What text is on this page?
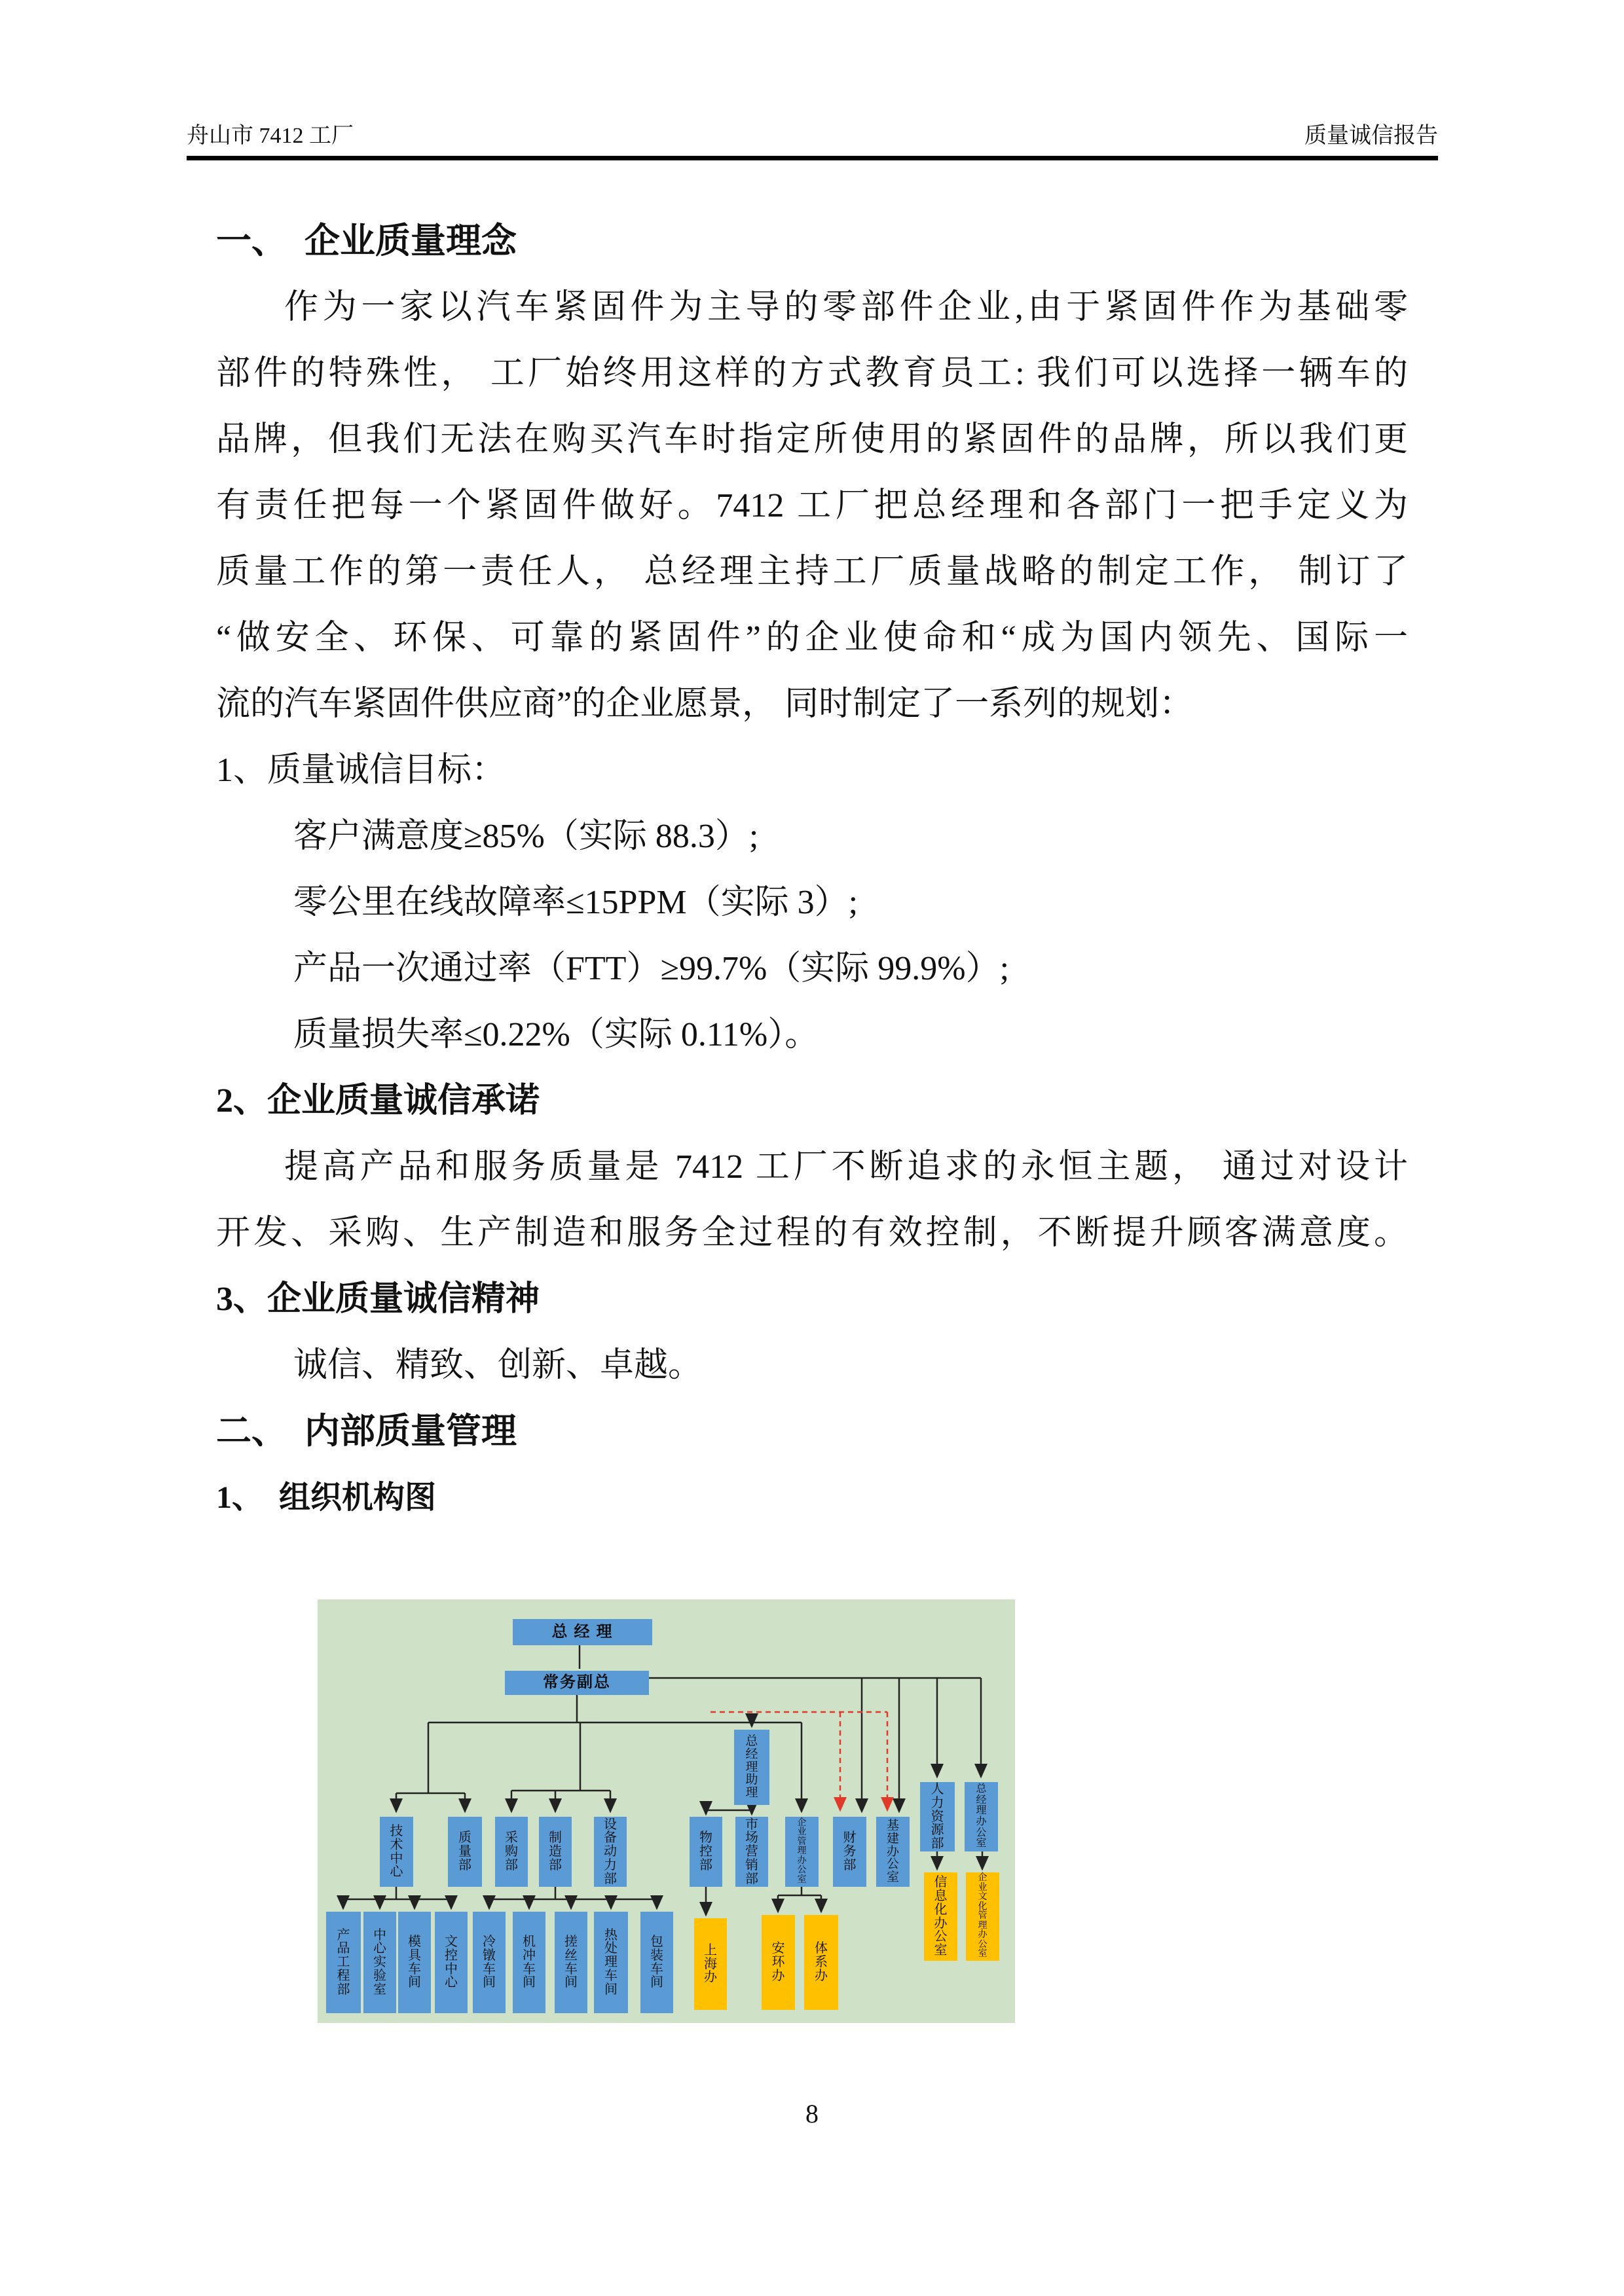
舟山市 7412 工厂	质量诚信报告
一、　企业质量理念
作为一家以汽车紧固件为主导的零部件企业,由于紧固件作为基础零
部件的特殊性， 工厂始终用这样的方式教育员工: 我们可以选择一辆车的
品牌，但我们无法在购买汽车时指定所使用的紧固件的品牌，所以我们更
有责任把每一个紧固件做好。7412 工厂把总经理和各部门一把手定义为
质量工作的第一责任人， 总经理主持工厂质量战略的制定工作， 制订了
“做安全、环保、可靠的紧固件”的企业使命和“成为国内领先、国际一
流的汽车紧固件供应商”的企业愿景， 同时制定了一系列的规划：
1、质量诚信目标：
客户满意度≥85%（实际 88.3）;
零公里在线故障率≤15PPM（实际 3）;
产品一次通过率（FTT）≥99.7%（实际 99.9%）;
质量损失率≤0.22%（实际 0.11%）。
2、企业质量诚信承诺
提高产品和服务质量是 7412 工厂不断追求的永恒主题， 通过对设计
开发、采购、生产制造和服务全过程的有效控制，不断提升顾客满意度。
3、企业质量诚信精神
诚信、精致、创新、卓越。
二、　内部质量管理
1、　组织机构图
总 经 理
常务副总
总经理助理
技术中心
质量部
采购部
制造部
设备动力部
物控部
市场营销部
企业管理办公室
财务部
基建办公室
人力资源部
总经理办公室
产品工程部
中心实验室
模具车间
文控中心
冷镦车间
机冲车间
搓丝车间
热处理车间
包装车间
上海办
安环办
体系办
信息化办公室
企业文化管理办公室
8
